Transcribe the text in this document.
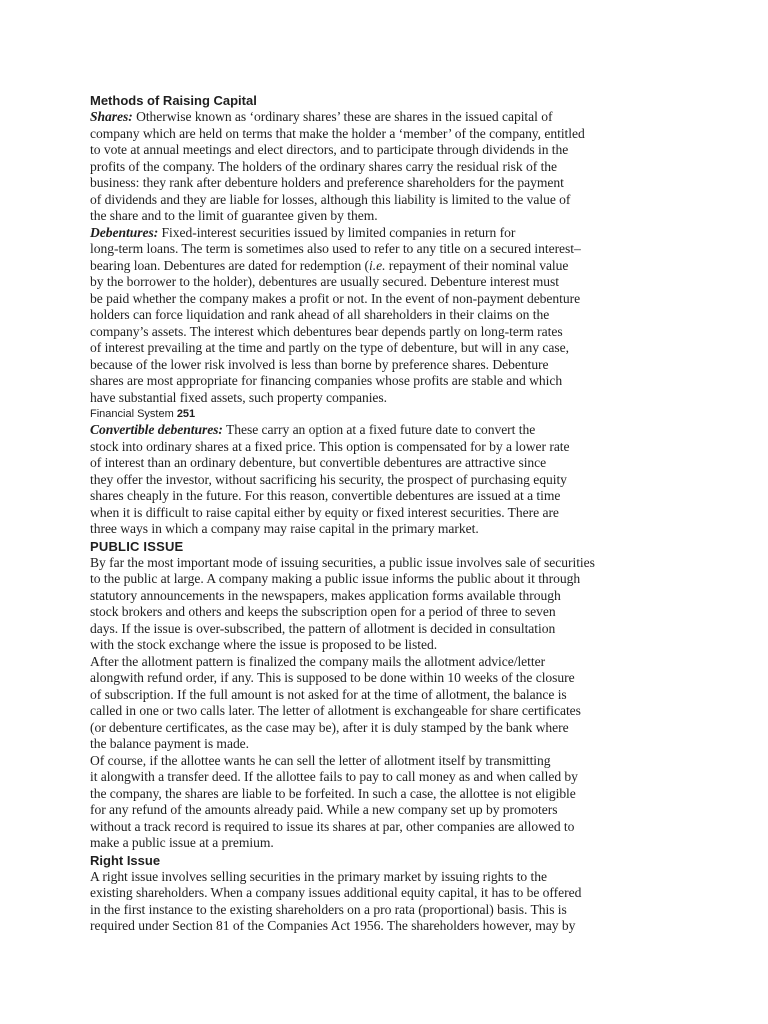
Methods of Raising Capital
Shares: Otherwise known as ‘ordinary shares’ these are shares in the issued capital of
company which are held on terms that make the holder a ‘member’ of the company, entitled
to vote at annual meetings and elect directors, and to participate through dividends in the
profits of the company. The holders of the ordinary shares carry the residual risk of the
business: they rank after debenture holders and preference shareholders for the payment
of dividends and they are liable for losses, although this liability is limited to the value of
the share and to the limit of guarantee given by them.
Debentures: Fixed-interest securities issued by limited companies in return for
long-term loans. The term is sometimes also used to refer to any title on a secured interest–
bearing loan. Debentures are dated for redemption (i.e. repayment of their nominal value
by the borrower to the holder), debentures are usually secured. Debenture interest must
be paid whether the company makes a profit or not. In the event of non-payment debenture
holders can force liquidation and rank ahead of all shareholders in their claims on the
company’s assets. The interest which debentures bear depends partly on long-term rates
of interest prevailing at the time and partly on the type of debenture, but will in any case,
because of the lower risk involved is less than borne by preference shares. Debenture
shares are most appropriate for financing companies whose profits are stable and which
have substantial fixed assets, such property companies.
Financial System 251
Convertible debentures: These carry an option at a fixed future date to convert the
stock into ordinary shares at a fixed price. This option is compensated for by a lower rate
of interest than an ordinary debenture, but convertible debentures are attractive since
they offer the investor, without sacrificing his security, the prospect of purchasing equity
shares cheaply in the future. For this reason, convertible debentures are issued at a time
when it is difficult to raise capital either by equity or fixed interest securities. There are
three ways in which a company may raise capital in the primary market.
PUBLIC ISSUE
By far the most important mode of issuing securities, a public issue involves sale of securities
to the public at large. A company making a public issue informs the public about it through
statutory announcements in the newspapers, makes application forms available through
stock brokers and others and keeps the subscription open for a period of three to seven
days. If the issue is over-subscribed, the pattern of allotment is decided in consultation
with the stock exchange where the issue is proposed to be listed.
After the allotment pattern is finalized the company mails the allotment advice/letter
alongwith refund order, if any. This is supposed to be done within 10 weeks of the closure
of subscription. If the full amount is not asked for at the time of allotment, the balance is
called in one or two calls later. The letter of allotment is exchangeable for share certificates
(or debenture certificates, as the case may be), after it is duly stamped by the bank where
the balance payment is made.
Of course, if the allottee wants he can sell the letter of allotment itself by transmitting
it alongwith a transfer deed. If the allottee fails to pay to call money as and when called by
the company, the shares are liable to be forfeited. In such a case, the allottee is not eligible
for any refund of the amounts already paid. While a new company set up by promoters
without a track record is required to issue its shares at par, other companies are allowed to
make a public issue at a premium.
Right Issue
A right issue involves selling securities in the primary market by issuing rights to the
existing shareholders. When a company issues additional equity capital, it has to be offered
in the first instance to the existing shareholders on a pro rata (proportional) basis. This is
required under Section 81 of the Companies Act 1956. The shareholders however, may by
